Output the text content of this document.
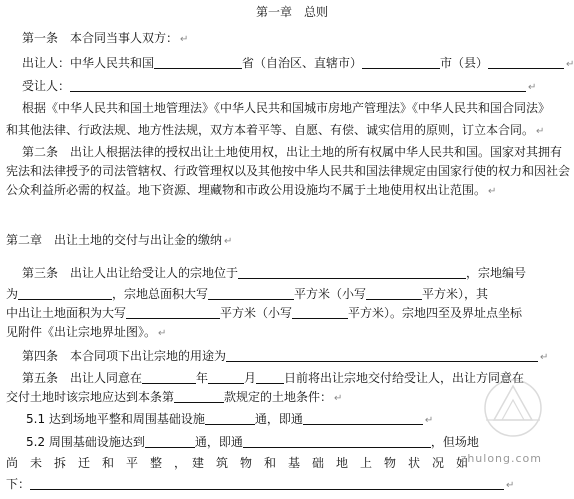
第一章　总则
第一条　本合同当事人双方： ↵
出让人：中华人民共和国	省（自治区、直辖市）	市（县）	↵
受让人：	↵
根据《中华人民共和国土地管理法》《中华人民共和国城市房地产管理法》《中华人民共和国合同法》
和其他法律、行政法规、地方性法规，双方本着平等、自愿、有偿、诚实信用的原则，订立本合同。 ↵
第二条　出让人根据法律的授权出让土地使用权，出让土地的所有权属中华人民共和国。国家对其拥有
宪法和法律授予的司法管辖权、行政管理权以及其他按中华人民共和国法律规定由国家行使的权力和因社会
公众利益所必需的权益。地下资源、埋藏物和市政公用设施均不属于土地使用权出让范围。 ↵
第二章　出让土地的交付与出让金的缴纳 ↵
第三条　出让人出让给受让人的宗地位于	，宗地编号
为	，宗地总面积大写	平方米（小写	平方米），其
中出让土地面积为大写	平方米（小写	平方米）。宗地四至及界址点坐标
见附件《出让宗地界址图》。 ↵
第四条　本合同项下出让宗地的用途为	↵
第五条　出让人同意在	年	月 日前将出让宗地交付给受让人，出让方同意在
交付土地时该宗地应达到本条第	款规定的土地条件： ↵
5.1 达到场地平整和周围基础设施	通，即通	↵
5.2 周围基础设施达到	通，即通	，但场地
尚　未　拆　迁　和　平　整　，　建　筑　物　和　基　础　地　上　物　状　况　如
下：	↵
zhulong.com
